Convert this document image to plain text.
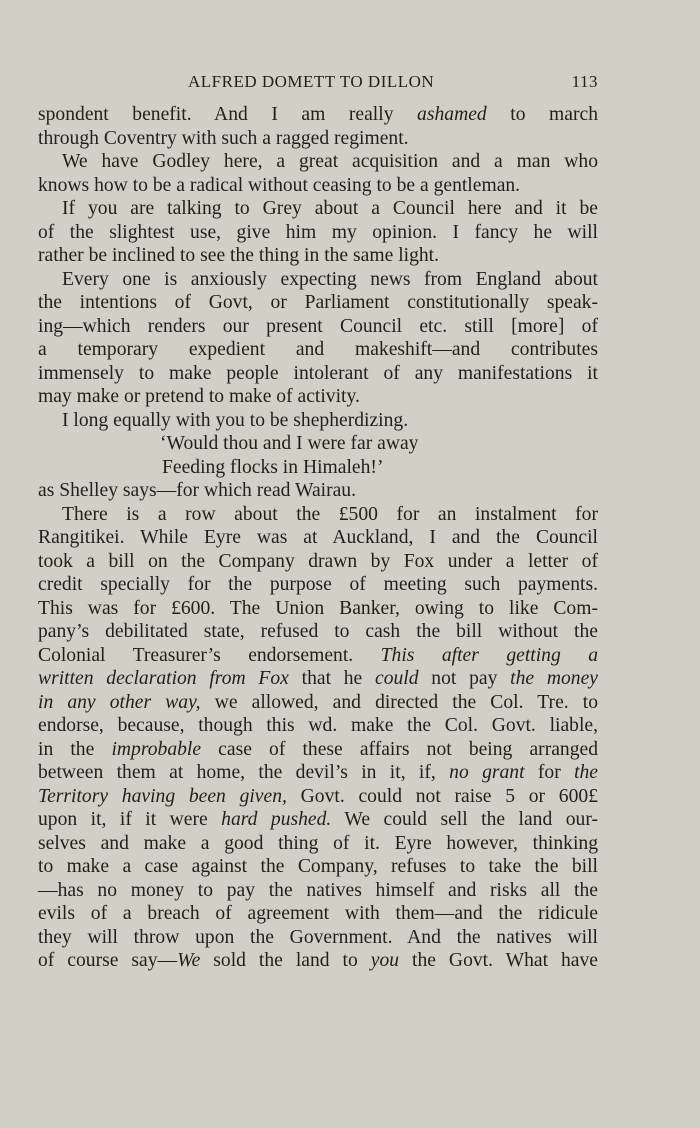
ALFRED DOMETT TO DILLON	113
spondent benefit. And I am really ashamed to march
through Coventry with such a ragged regiment.
We have Godley here, a great acquisition and a man who
knows how to be a radical without ceasing to be a gentleman.
If you are talking to Grey about a Council here and it be
of the slightest use, give him my opinion. I fancy he will
rather be inclined to see the thing in the same light.
Every one is anxiously expecting news from England about
the intentions of Govt, or Parliament constitutionally speak-
ing—which renders our present Council etc. still [more] of
a temporary expedient and makeshift—and contributes
immensely to make people intolerant of any manifestations it
may make or pretend to make of activity.
I long equally with you to be shepherdizing.
‘Would thou and I were far away
Feeding flocks in Himaleh!’
as Shelley says—for which read Wairau.
There is a row about the £500 for an instalment for
Rangitikei. While Eyre was at Auckland, I and the Council
took a bill on the Company drawn by Fox under a letter of
credit specially for the purpose of meeting such payments.
This was for £600. The Union Banker, owing to like Com-
pany’s debilitated state, refused to cash the bill without the
Colonial Treasurer’s endorsement. This after getting a
written declaration from Fox that he could not pay the money
in any other way, we allowed, and directed the Col. Tre. to
endorse, because, though this wd. make the Col. Govt. liable,
in the improbable case of these affairs not being arranged
between them at home, the devil’s in it, if, no grant for the
Territory having been given, Govt. could not raise 5 or 600£
upon it, if it were hard pushed. We could sell the land our-
selves and make a good thing of it. Eyre however, thinking
to make a case against the Company, refuses to take the bill
—has no money to pay the natives himself and risks all the
evils of a breach of agreement with them—and the ridicule
they will throw upon the Government. And the natives will
of course say—We sold the land to you the Govt. What have
